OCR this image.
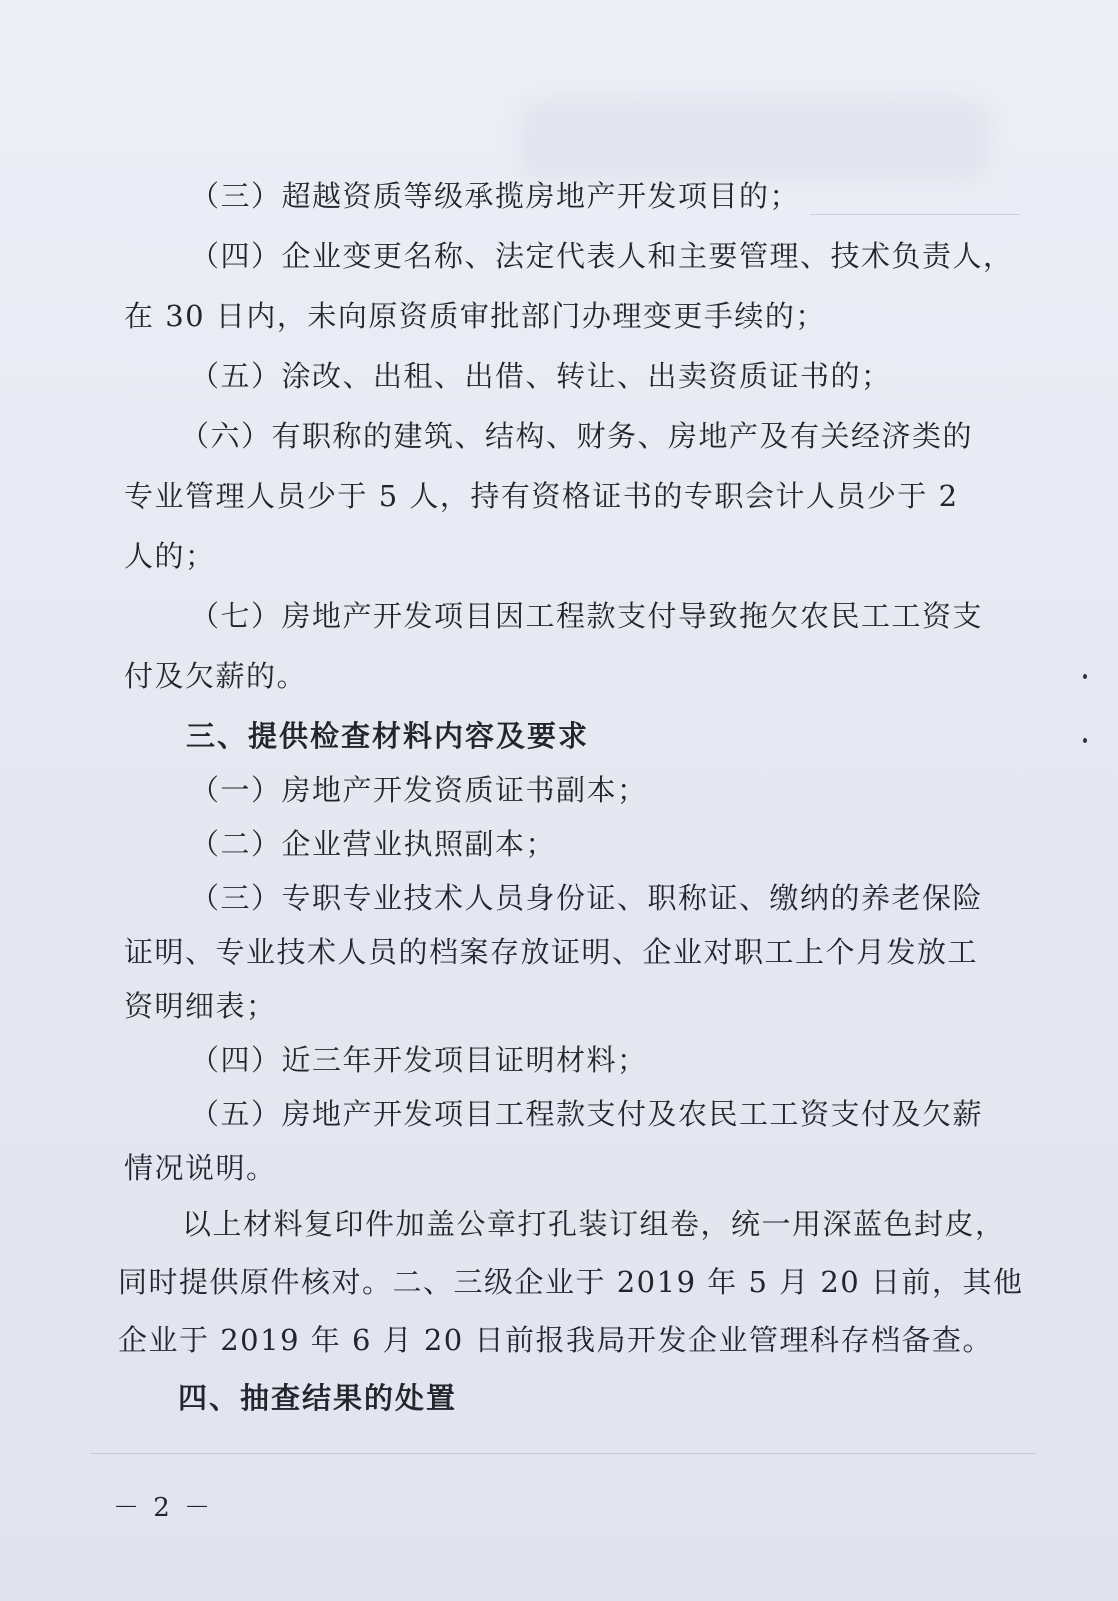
（三）超越资质等级承揽房地产开发项目的；
（四）企业变更名称、法定代表人和主要管理、技术负责人，
在 30 日内，未向原资质审批部门办理变更手续的；
（五）涂改、出租、出借、转让、出卖资质证书的；
（六）有职称的建筑、结构、财务、房地产及有关经济类的
专业管理人员少于 5 人，持有资格证书的专职会计人员少于 2
人的；
（七）房地产开发项目因工程款支付导致拖欠农民工工资支
付及欠薪的。
三、提供检查材料内容及要求
（一）房地产开发资质证书副本；
（二）企业营业执照副本；
（三）专职专业技术人员身份证、职称证、缴纳的养老保险
证明、专业技术人员的档案存放证明、企业对职工上个月发放工
资明细表；
（四）近三年开发项目证明材料；
（五）房地产开发项目工程款支付及农民工工资支付及欠薪
情况说明。
以上材料复印件加盖公章打孔装订组卷，统一用深蓝色封皮，
同时提供原件核对。二、三级企业于 2019 年 5 月 20 日前，其他
企业于 2019 年 6 月 20 日前报我局开发企业管理科存档备查。
四、抽查结果的处置
－ 2 －
